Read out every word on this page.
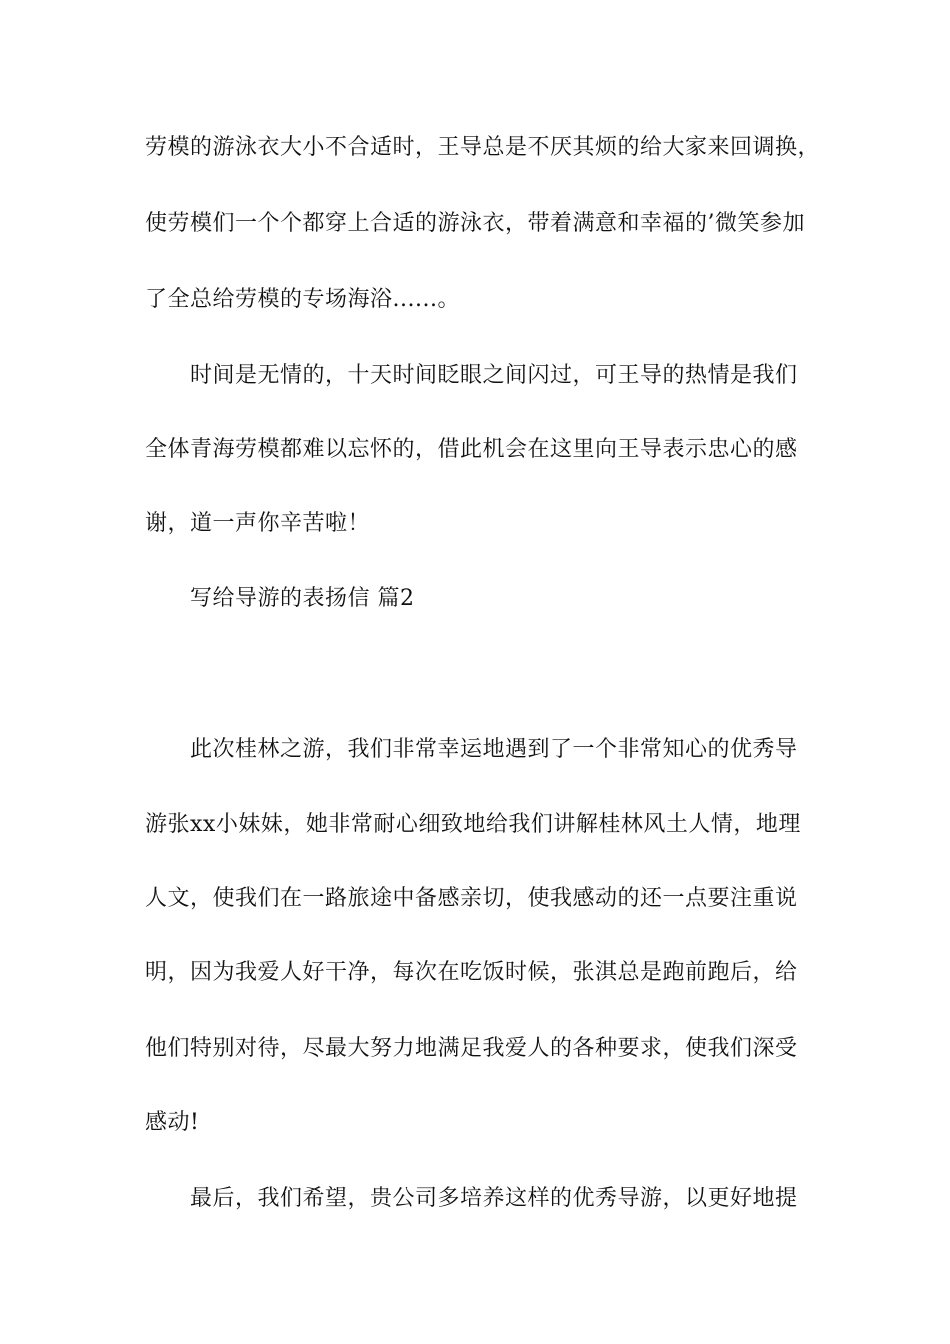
劳模的游泳衣大小不合适时，王导总是不厌其烦的给大家来回调换，
使劳模们一个个都穿上合适的游泳衣，带着满意和幸福的’微笑参加
了全总给劳模的专场海浴......。
时间是无情的，十天时间眨眼之间闪过，可王导的热情是我们
全体青海劳模都难以忘怀的，借此机会在这里向王导表示忠心的感
谢，道一声你辛苦啦！
写给导游的表扬信 篇2
此次桂林之游，我们非常幸运地遇到了一个非常知心的优秀导
游张xx小妹妹，她非常耐心细致地给我们讲解桂林风土人情，地理
人文，使我们在一路旅途中备感亲切，使我感动的还一点要注重说
明，因为我爱人好干净，每次在吃饭时候，张淇总是跑前跑后，给
他们特别对待，尽最大努力地满足我爱人的各种要求，使我们深受
感动!
最后，我们希望，贵公司多培养这样的优秀导游，以更好地提
